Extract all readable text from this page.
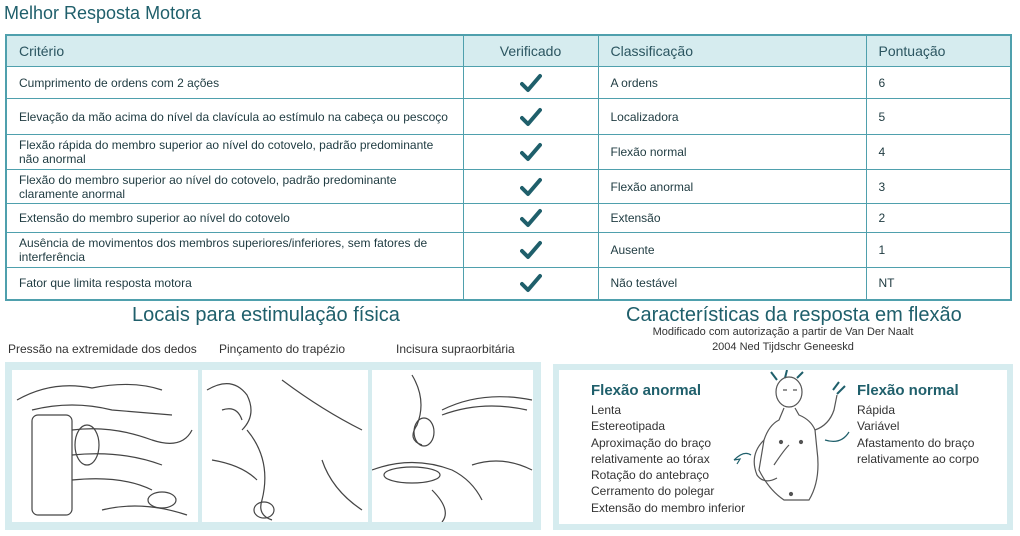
Melhor Resposta Motora
Critério	Verificado	Classificação	Pontuação
Cumprimento de ordens com 2 ações		A ordens	6
Elevação da mão acima do nível da clavícula ao estímulo na cabeça ou pescoço		Localizadora	5
Flexão rápida do membro superior ao nível do cotovelo, padrão predominante não anormal		Flexão normal	4
Flexão do membro superior ao nível do cotovelo, padrão predominante claramente anormal		Flexão anormal	3
Extensão do membro superior ao nível do cotovelo		Extensão	2
Ausência de movimentos dos membros superiores/inferiores, sem fatores de interferência		Ausente	1
Fator que limita resposta motora		Não testável	NT
Locais para estimulação física
Pressão na extremidade dos dedos Pinçamento do trapézio	Incisura supraorbitária
Características da resposta em flexão
Modificado com autorização a partir de Van Der Naalt
2004 Ned Tijdschr Geneeskd
Flexão anormal
Lenta
Estereotipada
Aproximação do braço
relativamente ao tórax
Rotação do antebraço
Cerramento do polegar
Extensão do membro inferior
Flexão normal
Rápida
Variável
Afastamento do braço
relativamente ao corpo
